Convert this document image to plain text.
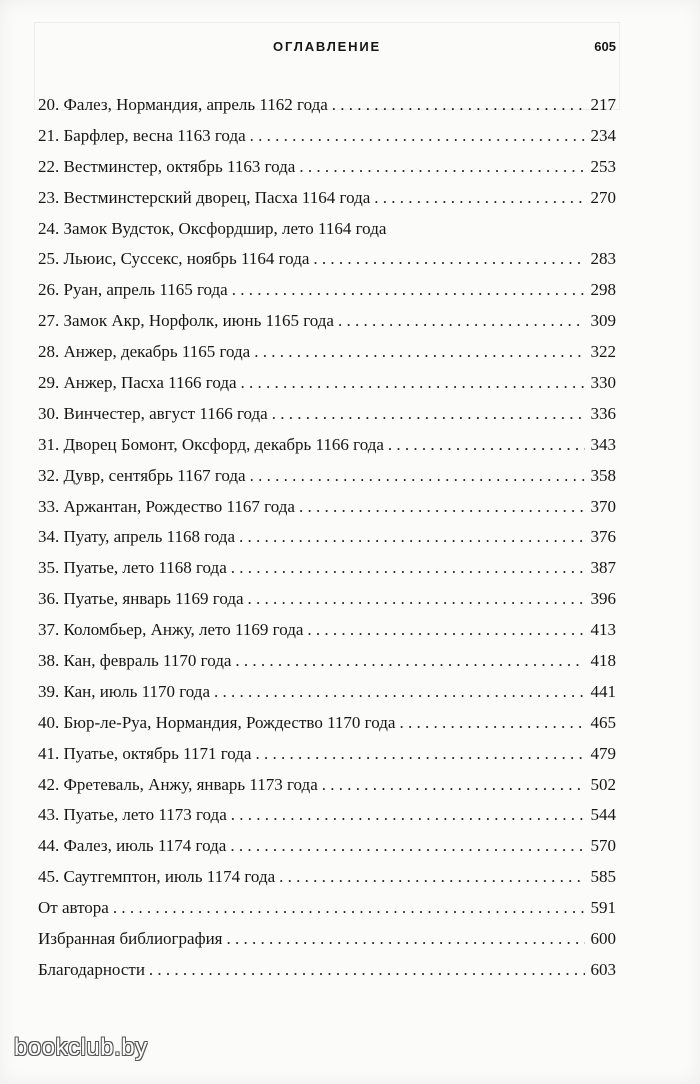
ОГЛАВЛЕНИЕ	605
20. Фалез, Нормандия, апрель 1162 года . . .	217
21. Барфлер, весна 1163 года . . .	234
22. Вестминстер, октябрь 1163 года . . .	253
23. Вестминстерский дворец, Пасха 1164 года . . .	270
24. Замок Вудсток, Оксфордшир, лето 1164 года
25. Льюис, Суссекс, ноябрь 1164 года . . .	283
26. Руан, апрель 1165 года . . .	298
27. Замок Акр, Норфолк, июнь 1165 года . . .	309
28. Анжер, декабрь 1165 года . . .	322
29. Анжер, Пасха 1166 года . . .	330
30. Винчестер, август 1166 года . . .	336
31. Дворец Бомонт, Оксфорд, декабрь 1166 года . . .	343
32. Дувр, сентябрь 1167 года . . .	358
33. Аржантан, Рождество 1167 года . . .	370
34. Пуату, апрель 1168 года . . .	376
35. Пуатье, лето 1168 года . . .	387
36. Пуатье, январь 1169 года . . .	396
37. Коломбьер, Анжу, лето 1169 года . . .	413
38. Кан, февраль 1170 года . . .	418
39. Кан, июль 1170 года . . .	441
40. Бюр-ле-Руа, Нормандия, Рождество 1170 года . . .	465
41. Пуатье, октябрь 1171 года . . .	479
42. Фретеваль, Анжу, январь 1173 года . . .	502
43. Пуатье, лето 1173 года . . .	544
44. Фалез, июль 1174 года . . .	570
45. Саутгемптон, июль 1174 года . . .	585
От автора . . .	591
Избранная библиография . . .	600
Благодарности . . .	603
bookclub.by
